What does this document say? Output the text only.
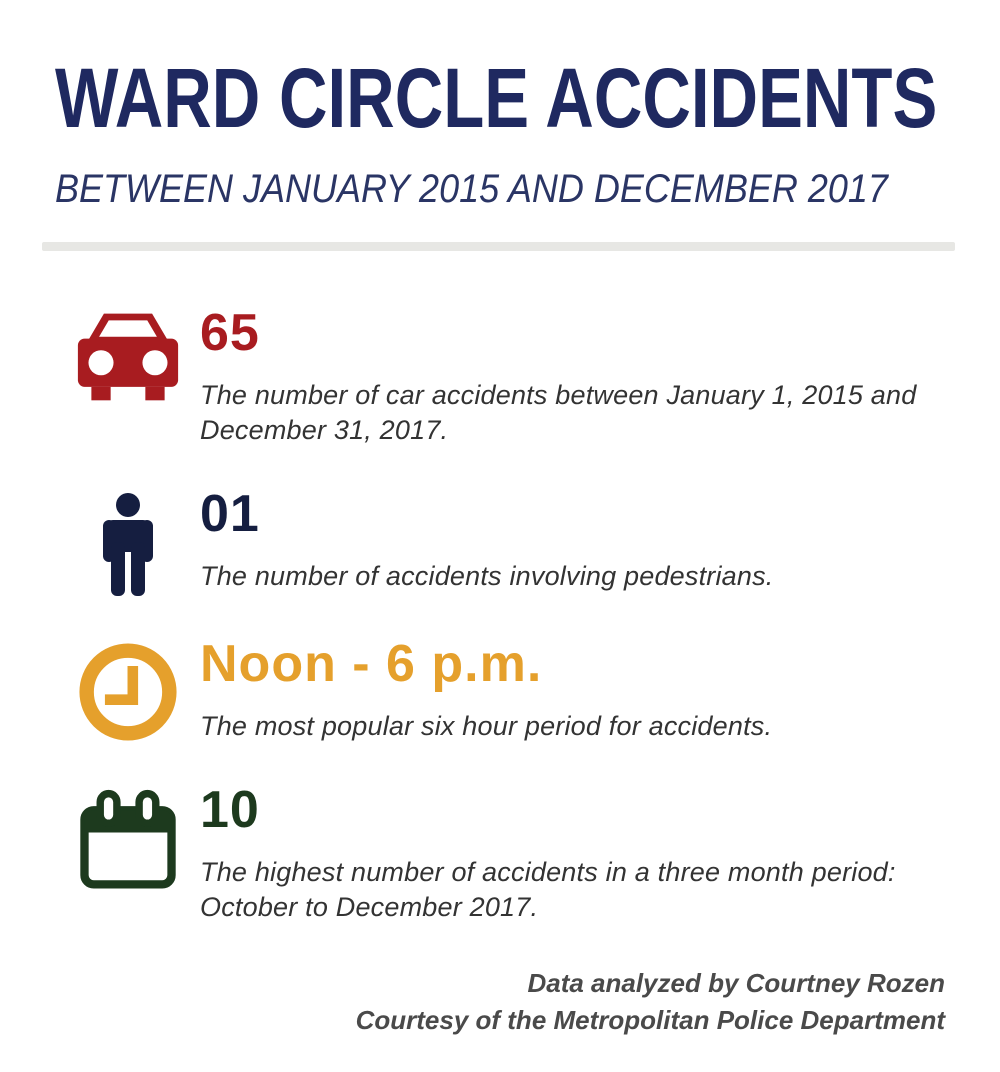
WARD CIRCLE ACCIDENTS
BETWEEN JANUARY 2015 AND DECEMBER 2017
65
The number of car accidents between January 1, 2015 and December 31, 2017.
01
The number of accidents involving pedestrians.
Noon - 6 p.m.
The most popular six hour period for accidents.
10
The highest number of accidents in a three month period: October to December 2017.
Data analyzed by Courtney Rozen
Courtesy of the Metropolitan Police Department
